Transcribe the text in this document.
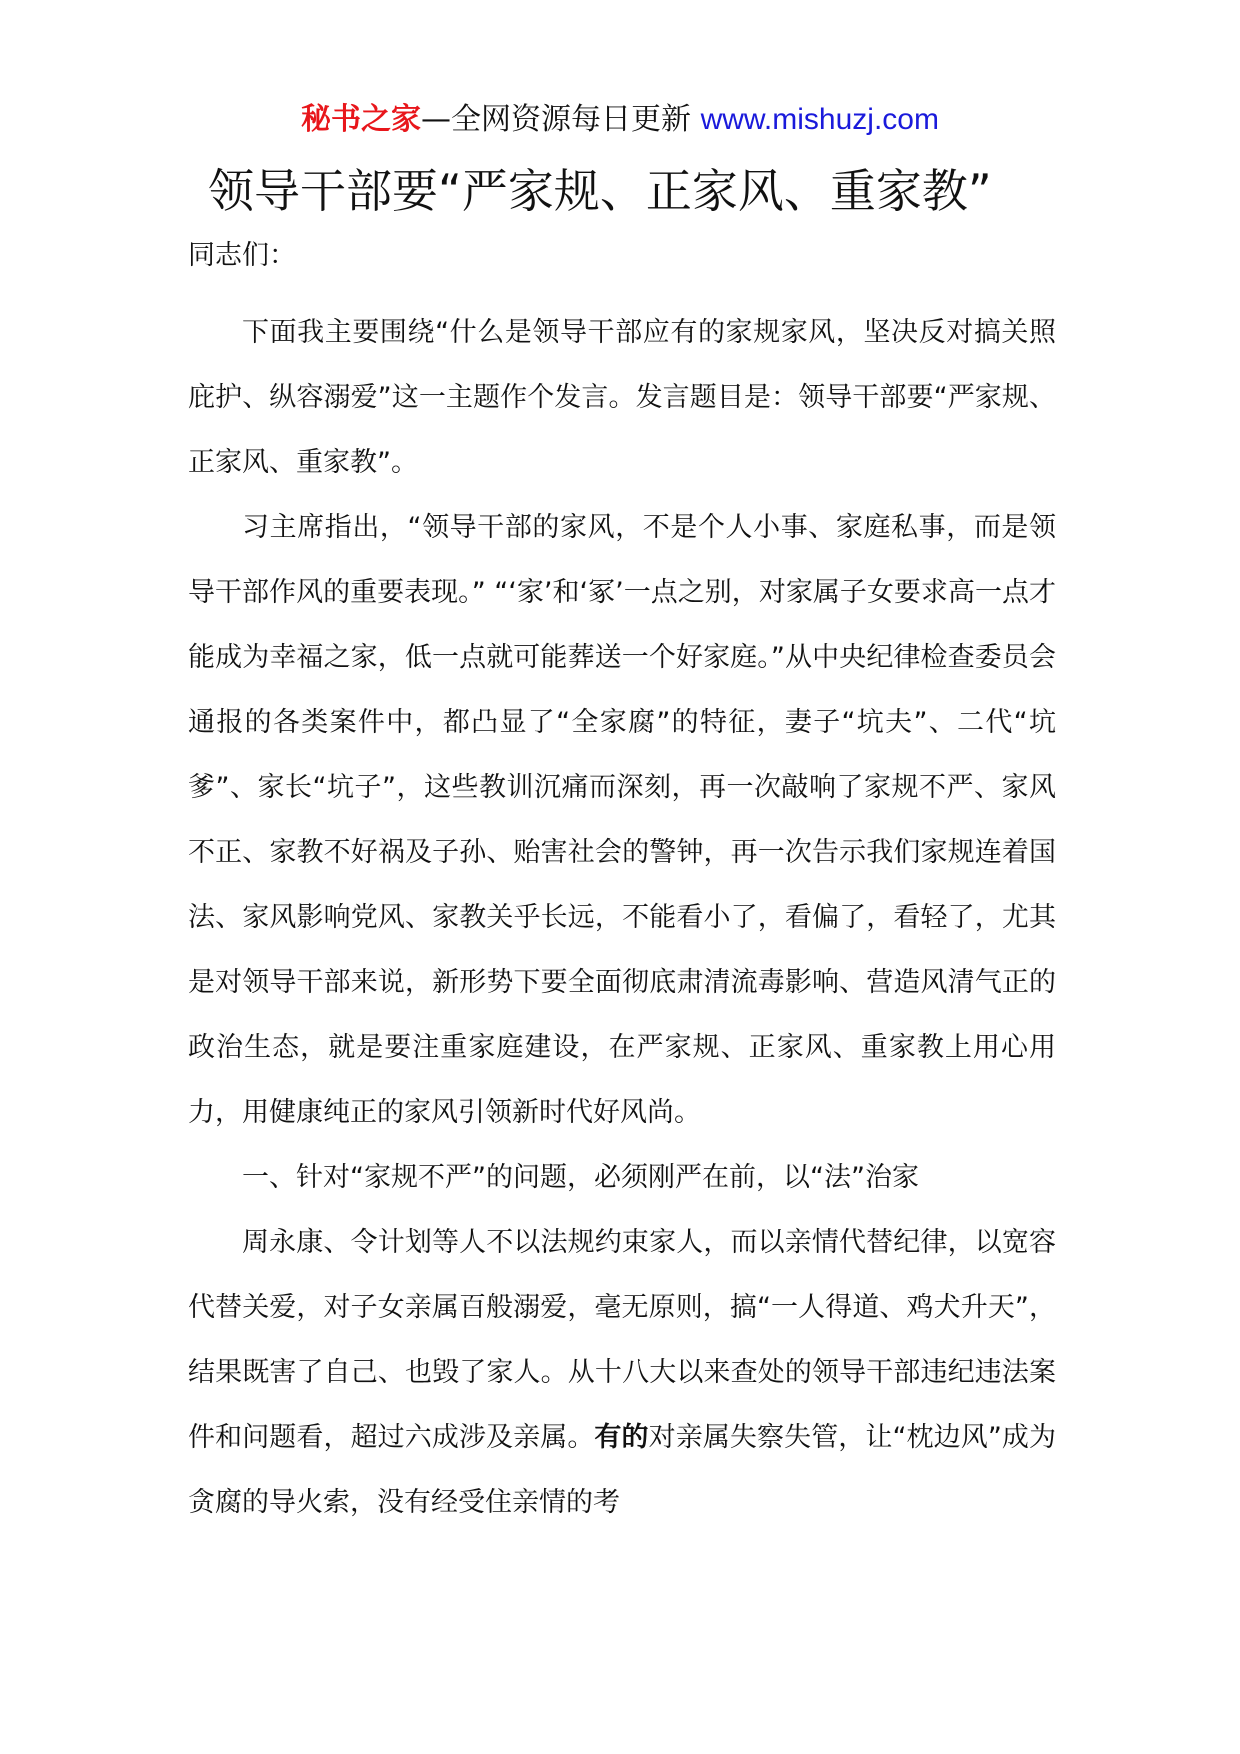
秘书之家—全网资源每日更新 www.mishuzj.com
领导干部要“严家规、正家风、重家教”

同志们：

下面我主要围绕“什么是领导干部应有的家规家风，坚决反对搞关照庇护、纵容溺爱”这一主题作个发言。发言题目是：领导干部要“严家规、正家风、重家教”。

习主席指出，“领导干部的家风，不是个人小事、家庭私事，而是领导干部作风的重要表现。” “‘家’和‘冢’一点之别，对家属子女要求高一点才能成为幸福之家，低一点就可能葬送一个好家庭。”从中央纪律检查委员会通报的各类案件中，都凸显了“全家腐”的特征，妻子“坑夫”、二代“坑爹”、家长“坑子”，这些教训沉痛而深刻，再一次敲响了家规不严、家风不正、家教不好祸及子孙、贻害社会的警钟，再一次告示我们家规连着国法、家风影响党风、家教关乎长远，不能看小了，看偏了，看轻了，尤其是对领导干部来说，新形势下要全面彻底肃清流毒影响、营造风清气正的政治生态，就是要注重家庭建设，在严家规、正家风、重家教上用心用力，用健康纯正的家风引领新时代好风尚。

一、针对“家规不严”的问题，必须刚严在前，以“法”治家

周永康、令计划等人不以法规约束家人，而以亲情代替纪律，以宽容代替关爱，对子女亲属百般溺爱，毫无原则，搞“一人得道、鸡犬升天”，结果既害了自己、也毁了家人。从十八大以来查处的领导干部违纪违法案件和问题看，超过六成涉及亲属。有的对亲属失察失管，让“枕边风”成为贪腐的导火索，没有经受住亲情的考
